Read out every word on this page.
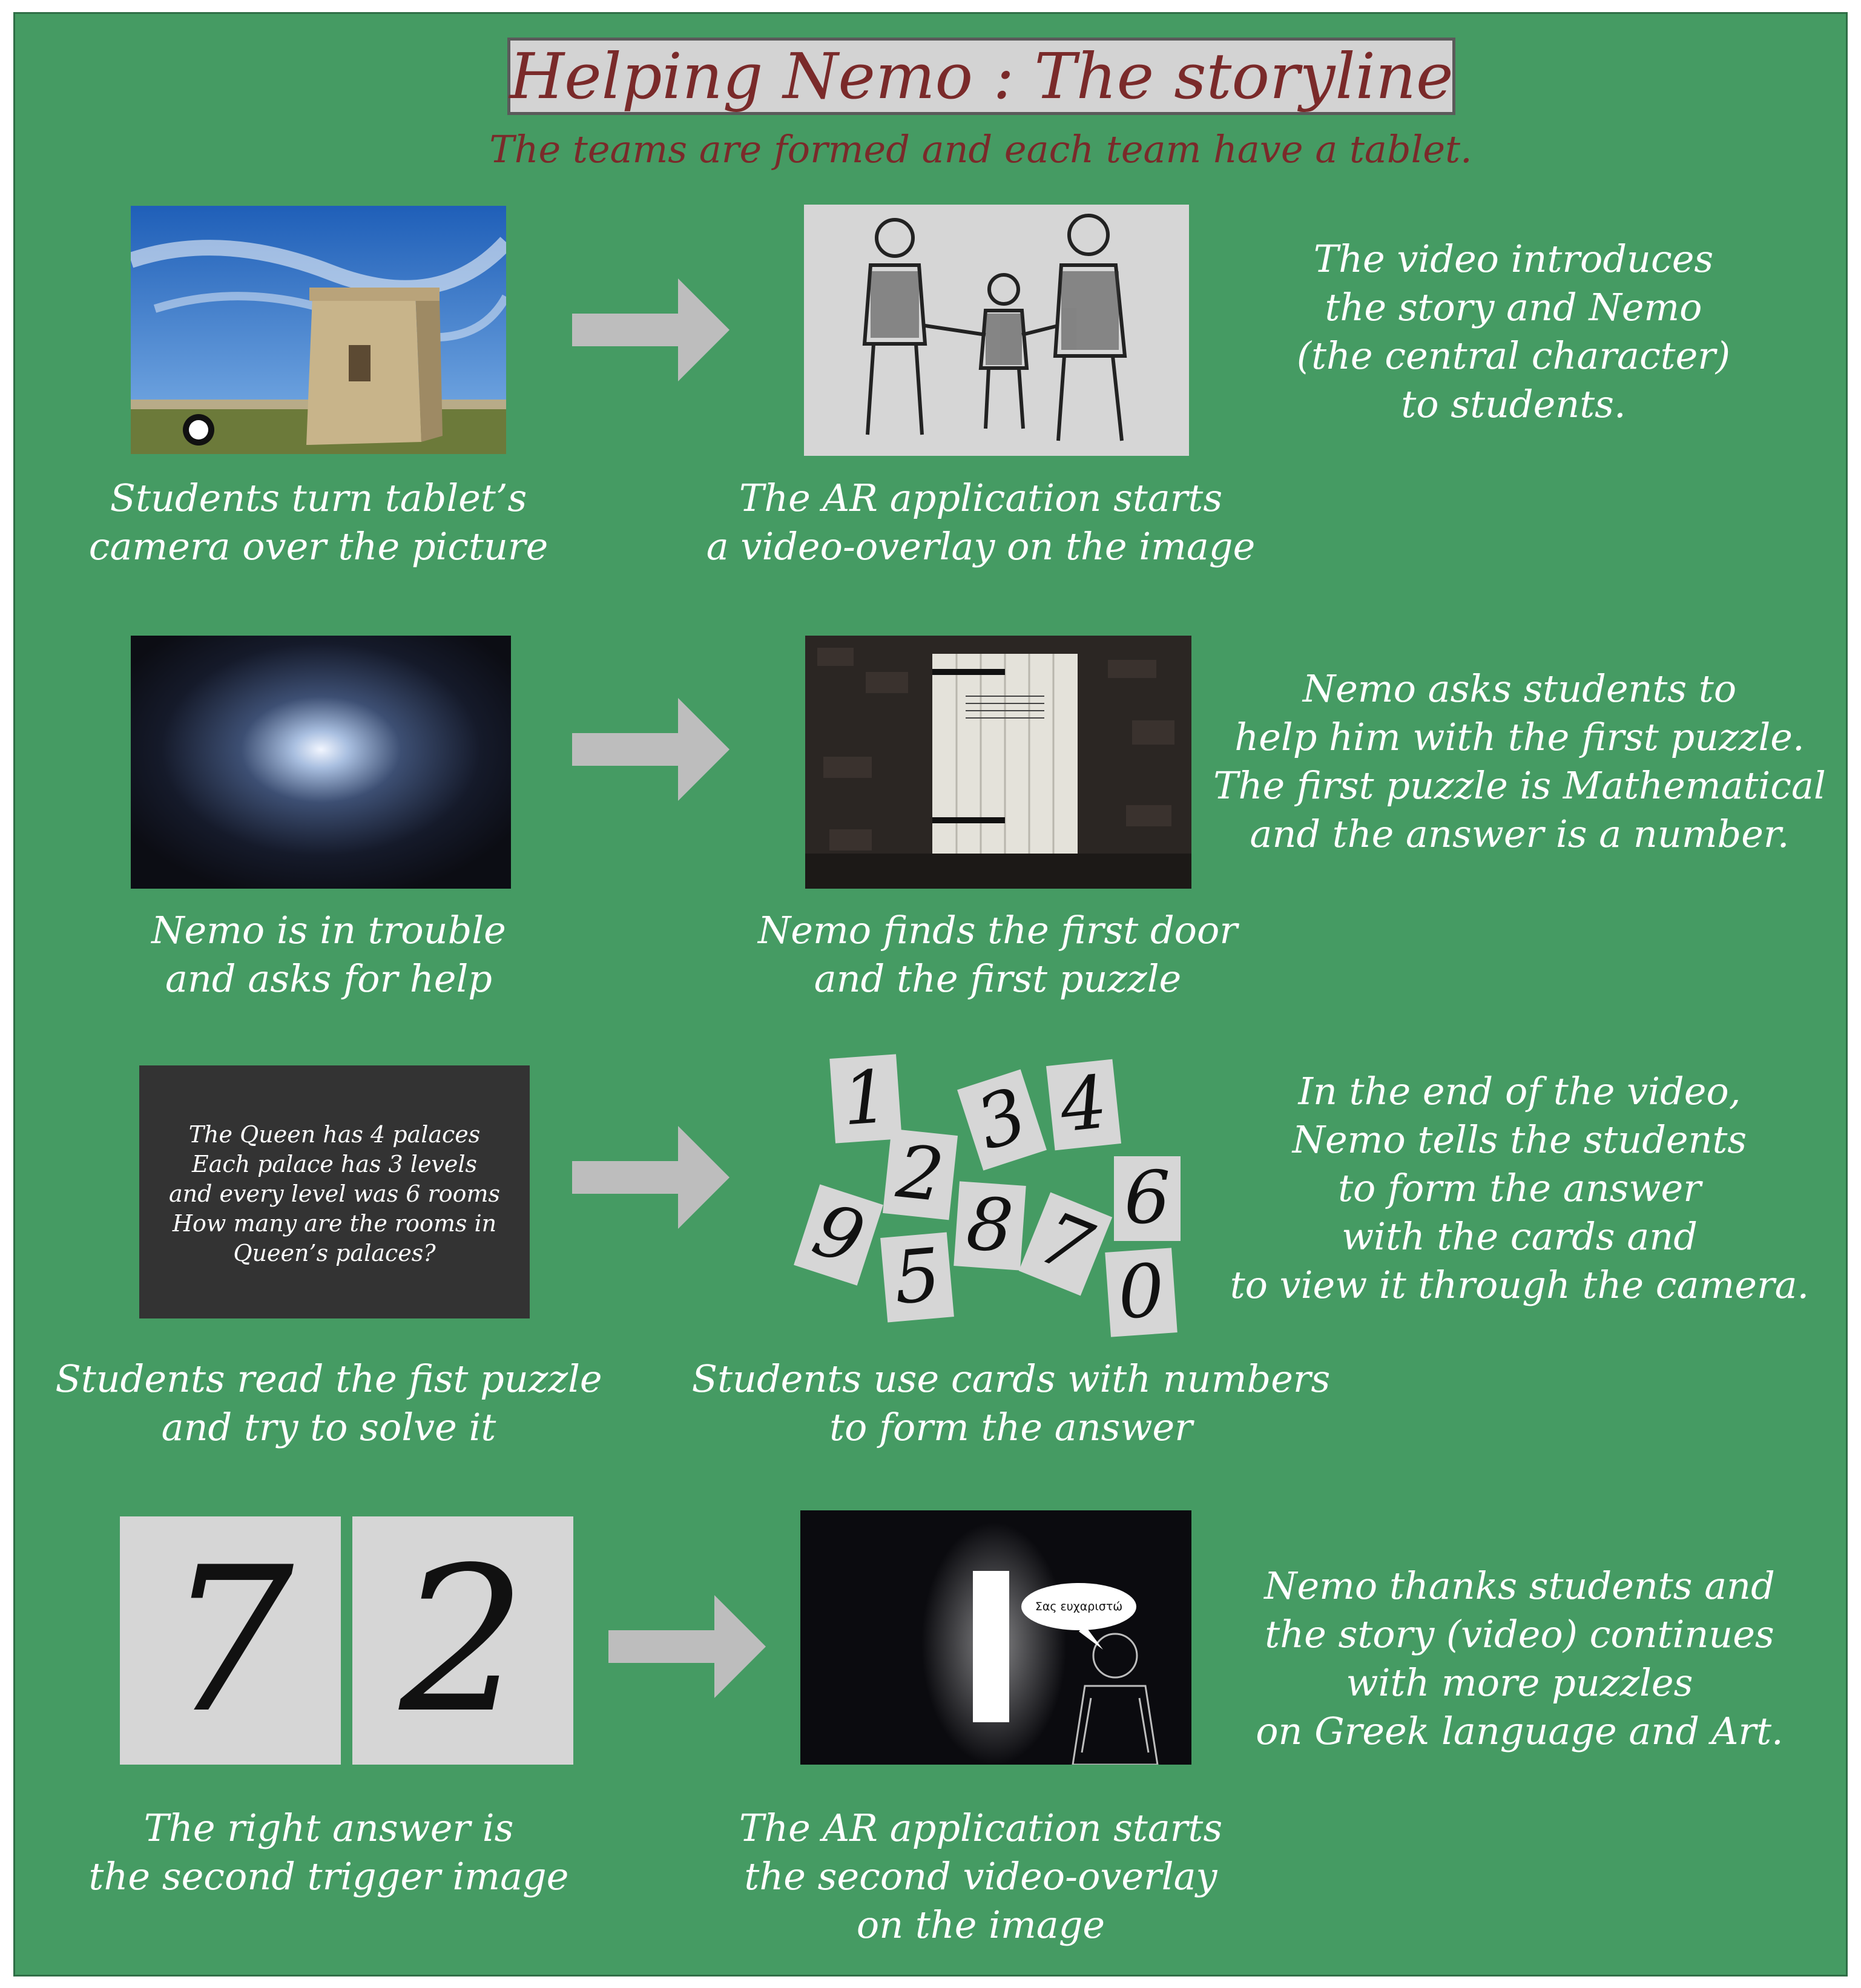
Helping Nemo : The storyline
The teams are formed and each team have a tablet.
The video introduces
the story and Nemo
(the central character)
to students.
Students turn tablet’s
camera over the picture
The AR application starts
a video-overlay on the image
Nemo asks students to
help him with the first puzzle.
The first puzzle is Mathematical
and the answer is a number.
Nemo is in trouble
and asks for help
Nemo finds the first door
and the first puzzle
The Queen has 4 palaces
Each palace has 3 levels
and every level was 6 rooms
How many are the rooms in
Queen’s palaces?
1
2
3 4
9 5
8 7 6
0
In the end of the video,
Nemo tells the students
to form the answer
with the cards and
to view it through the camera.
Students read the fist puzzle
and try to solve it
Students use cards with numbers
to form the answer
7 2	Σας ευχαριστώ	Nemo thanks students and
the story (video) continues
with more puzzles
on Greek language and Art.
The right answer is
the second trigger image
The AR application starts
the second video-overlay
on the image
